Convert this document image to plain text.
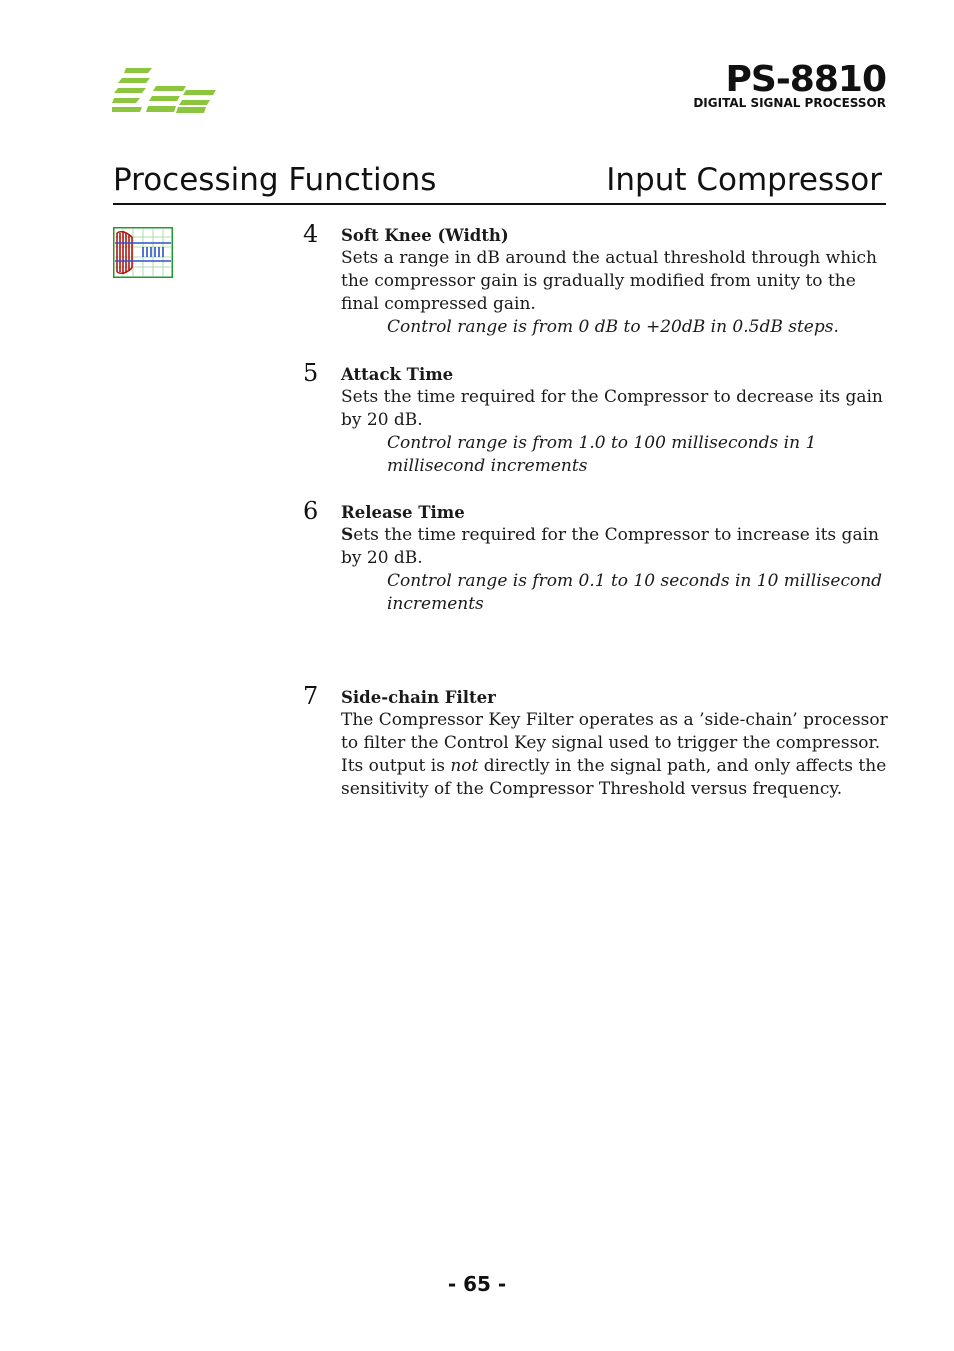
PS-8810
DIGITAL SIGNAL PROCESSOR
Processing Functions	Input Compressor
4 Soft Knee (Width)
Sets a range in dB around the actual threshold through which the compressor gain is gradually modified from unity to the final compressed gain.
Control range is from 0 dB to +20dB in 0.5dB steps.
5 Attack Time
Sets the time required for the Compressor to decrease its gain by 20 dB.
Control range is from 1.0 to 100 milliseconds in 1 millisecond increments
6 Release Time
Sets the time required for the Compressor to increase its gain by 20 dB.
Control range is from 0.1 to 10 seconds in 10 millisecond increments
7 Side-chain Filter
The Compressor Key Filter operates as a ’side-chain’ processor to filter the Control Key signal used to trigger the compressor. Its output is not directly in the signal path, and only affects the sensitivity of the Compressor Threshold versus frequency.
- 65 -
